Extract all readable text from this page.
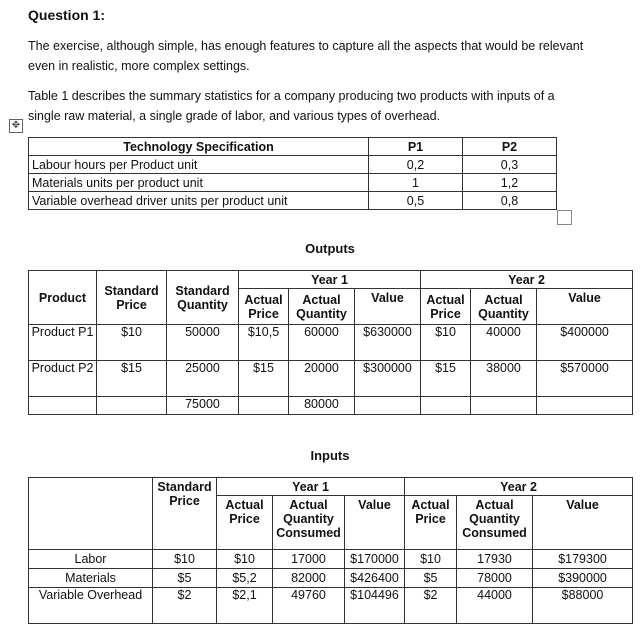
Question 1:
The exercise, although simple, has enough features to capture all the aspects that would be relevant
even in realistic, more complex settings.
Table 1 describes the summary statistics for a company producing two products with inputs of a
single raw material, a single grade of labor, and various types of overhead.
✥
Technology Specification	P1	P2
Labour hours per Product unit	0,2	0,3
Materials units per product unit	1	1,2
Variable overhead driver units per product unit	0,5	0,8
Outputs
Product	Standard Price	Standard Quantity	Year 1			Year 2		
			Actual Price	Actual Quantity	Value	Actual Price	Actual Quantity	Value

Product P1	$10	50000	$10,5	60000	$630000	$10	40000	$400000
Product P2	$15	25000	$15	20000	$300000	$15	38000	$570000
		75000		80000				
Inputs
	Standard Price	Year 1			Year 2		
		Actual Price	Actual Quantity Consumed	Value	Actual Price	Actual Quantity Consumed	Value
Labor	$10	$10	17000	$170000	$10	17930	$179300
Materials	$5	$5,2	82000	$426400	$5	78000	$390000
Variable Overhead	$2	$2,1	49760	$104496	$2	44000	$88000
